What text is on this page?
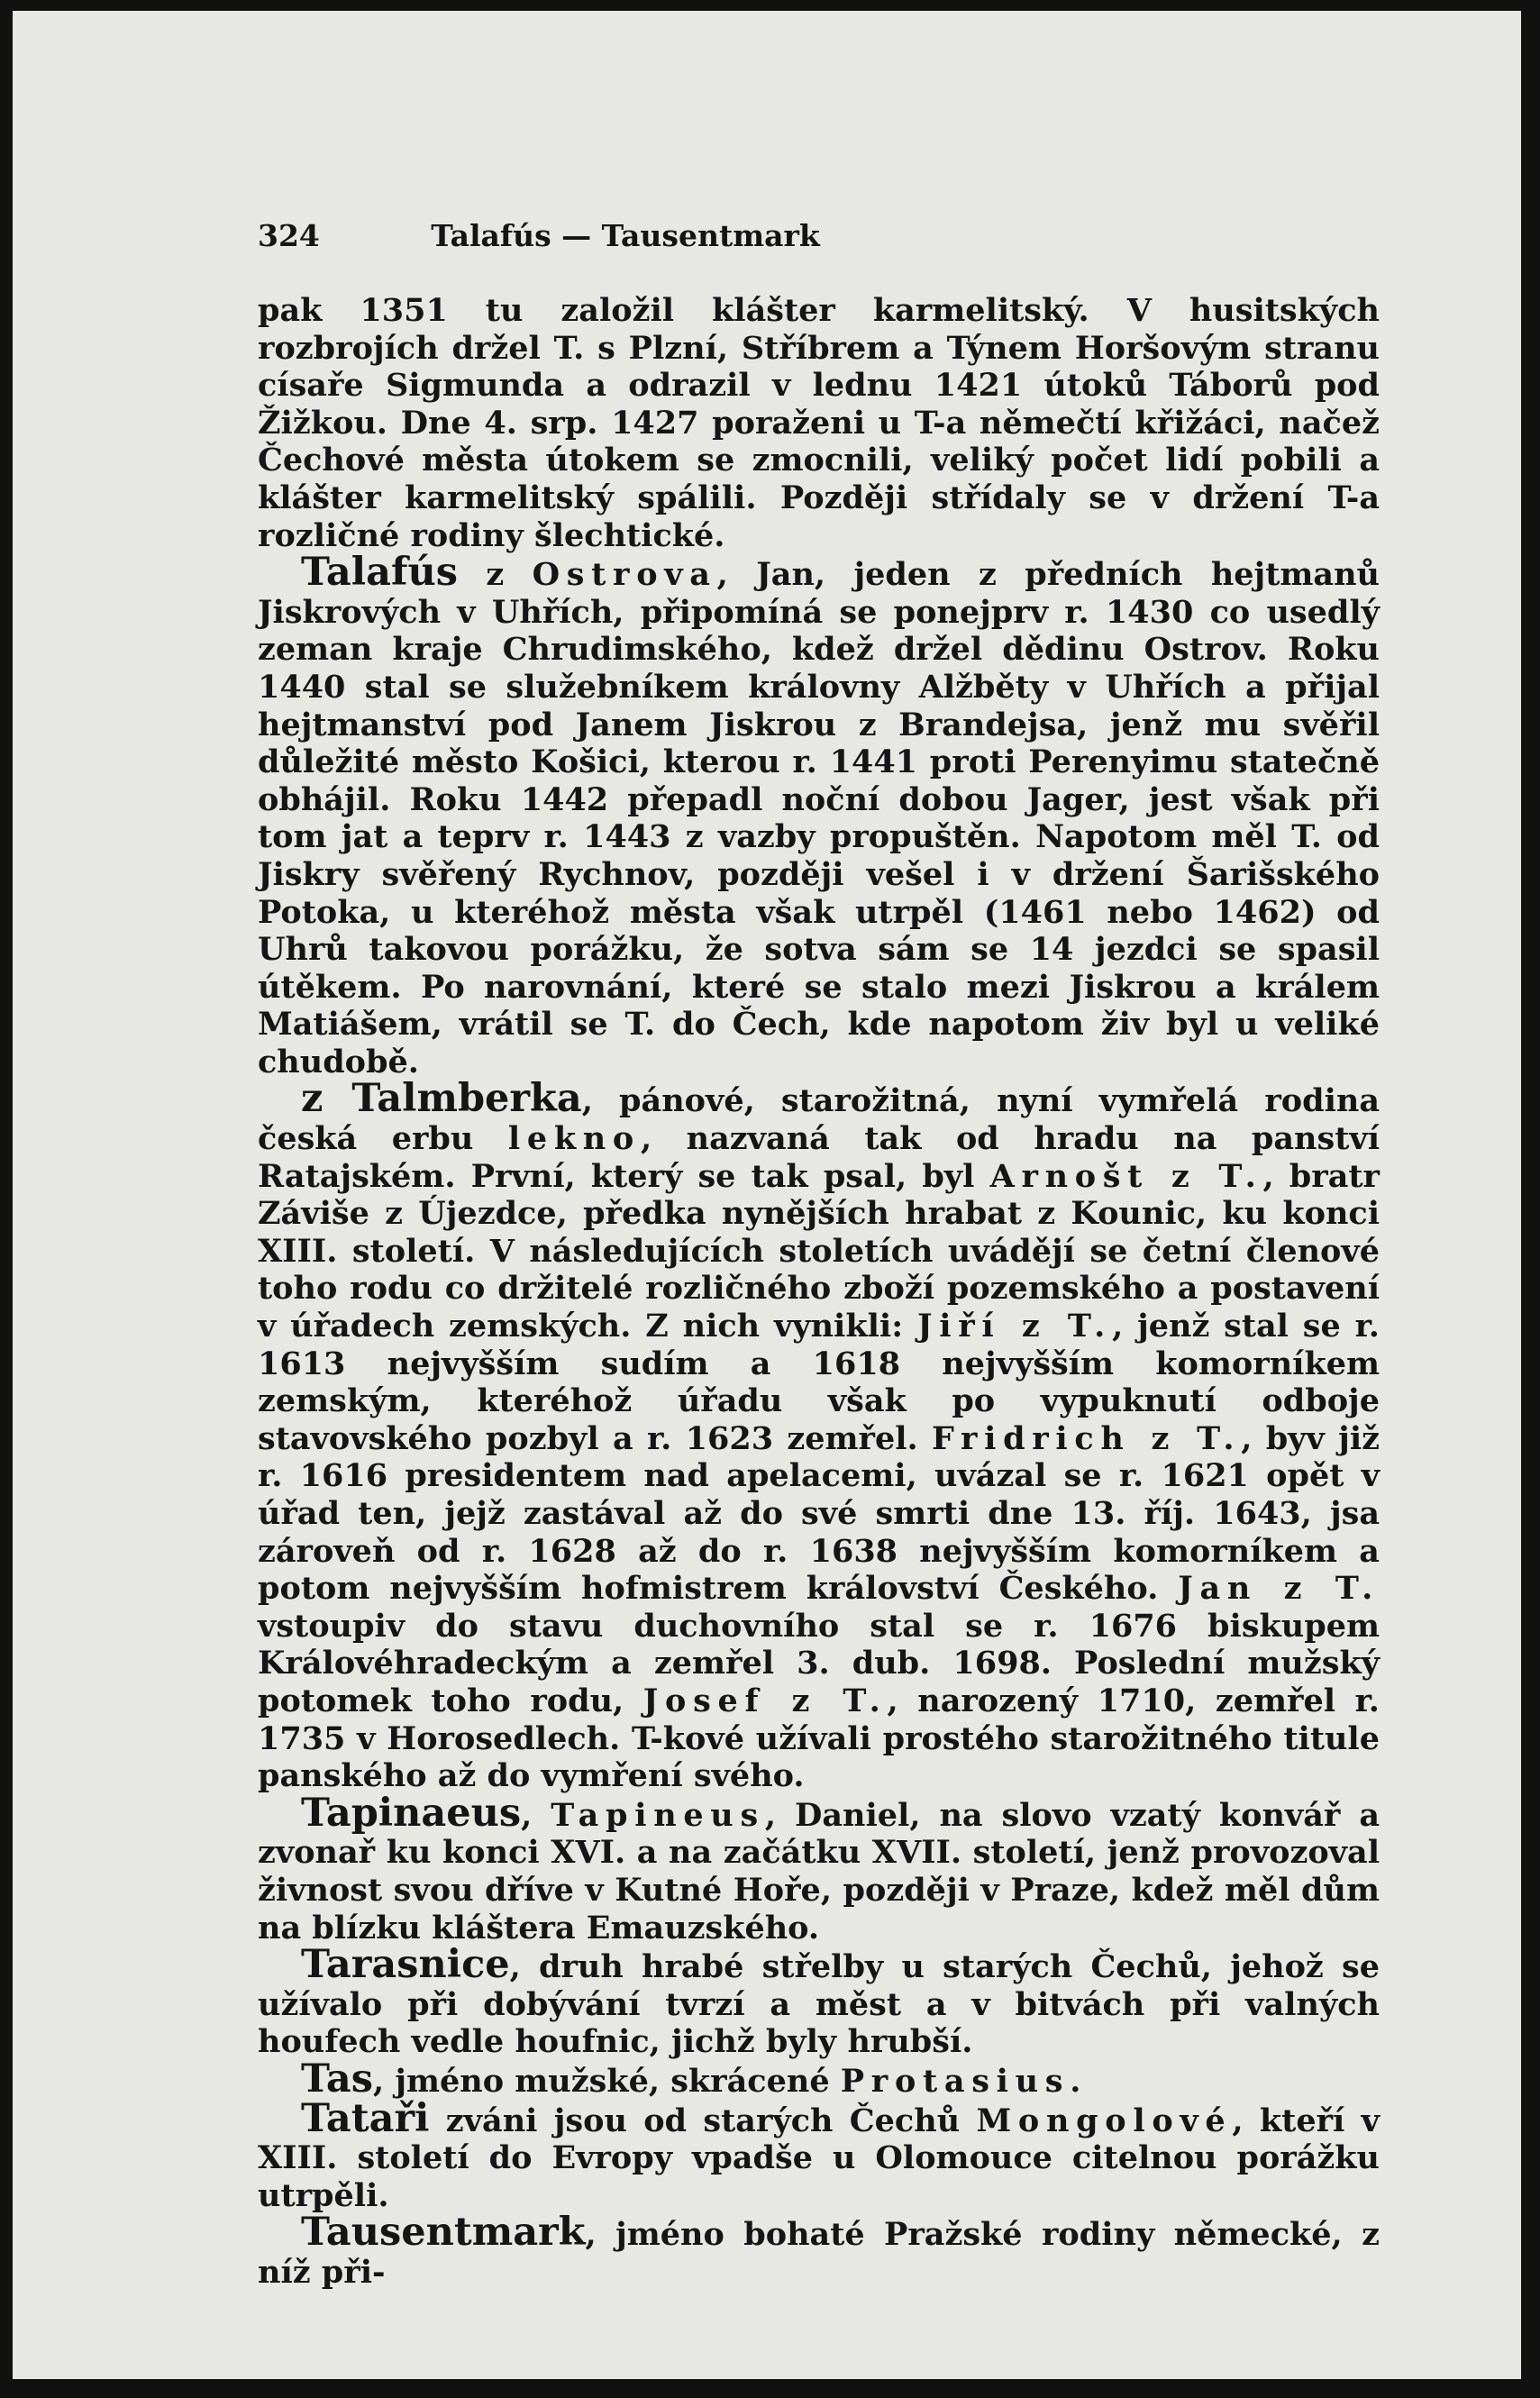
324	Talafús — Tausentmark

pak 1351 tu založil klášter karmelitský. V husitských rozbrojích držel T. s Plzní, Stříbrem a Týnem Horšovým stranu císaře Sigmunda a odrazil v lednu 1421 útoků Táborů pod Žižkou. Dne 4. srp. 1427 poraženi u T-a němečtí křižáci, načež Čechové města útokem se zmocnili, veliký počet lidí pobili a klášter karmelitský spálili. Později střídaly se v držení T-a rozličné rodiny šlechtické.

Talafús z Ostrova, Jan, jeden z předních hejtmanů Jiskrových v Uhřích, připomíná se ponejprv r. 1430 co usedlý zeman kraje Chrudimského, kdež držel dědinu Ostrov. Roku 1440 stal se služebníkem královny Alžběty v Uhřích a přijal hejtmanství pod Janem Jiskrou z Brandejsa, jenž mu svěřil důležité město Košici, kterou r. 1441 proti Perenyimu statečně obhájil. Roku 1442 přepadl noční dobou Jager, jest však při tom jat a teprv r. 1443 z vazby propuštěn. Napotom měl T. od Jiskry svěřený Rychnov, později vešel i v držení Šarišského Potoka, u kteréhož města však utrpěl (1461 nebo 1462) od Uhrů takovou porážku, že sotva sám se 14 jezdci se spasil útěkem. Po narovnání, které se stalo mezi Jiskrou a králem Matiášem, vrátil se T. do Čech, kde napotom živ byl u veliké chudobě.

z Talmberka, pánové, starožitná, nyní vymřelá rodina česká erbu lekno, nazvaná tak od hradu na panství Ratajském. První, který se tak psal, byl Arnošt z T., bratr Záviše z Újezdce, předka nynějších hrabat z Kounic, ku konci XIII. století. V následujících stoletích uvádějí se četní členové toho rodu co držitelé rozličného zboží pozemského a postavení v úřadech zemských. Z nich vynikli: Jiří z T., jenž stal se r. 1613 nejvyšším sudím a 1618 nejvyšším komorníkem zemským, kteréhož úřadu však po vypuknutí odboje stavovského pozbyl a r. 1623 zemřel. Fridrich z T., byv již r. 1616 presidentem nad apelacemi, uvázal se r. 1621 opět v úřad ten, jejž zastával až do své smrti dne 13. říj. 1643, jsa zároveň od r. 1628 až do r. 1638 nejvyšším komorníkem a potom nejvyšším hofmistrem království Českého. Jan z T. vstoupiv do stavu duchovního stal se r. 1676 biskupem Královéhradeckým a zemřel 3. dub. 1698. Poslední mužský potomek toho rodu, Josef z T., narozený 1710, zemřel r. 1735 v Horosedlech. T-kové užívali prostého starožitného titule panského až do vymření svého.

Tapinaeus, Tapineus, Daniel, na slovo vzatý konvář a zvonař ku konci XVI. a na začátku XVII. století, jenž provozoval živnost svou dříve v Kutné Hoře, později v Praze, kdež měl dům na blízku kláštera Emauzského.

Tarasnice, druh hrabé střelby u starých Čechů, jehož se užívalo při dobývání tvrzí a měst a v bitvách při valných houfech vedle houfnic, jichž byly hrubší.

Tas, jméno mužské, skrácené Protasius.

Tataři zváni jsou od starých Čechů Mongolové, kteří v XIII. století do Evropy vpadše u Olomouce citelnou porážku utrpěli.

Tausentmark, jméno bohaté Pražské rodiny německé, z níž při-
